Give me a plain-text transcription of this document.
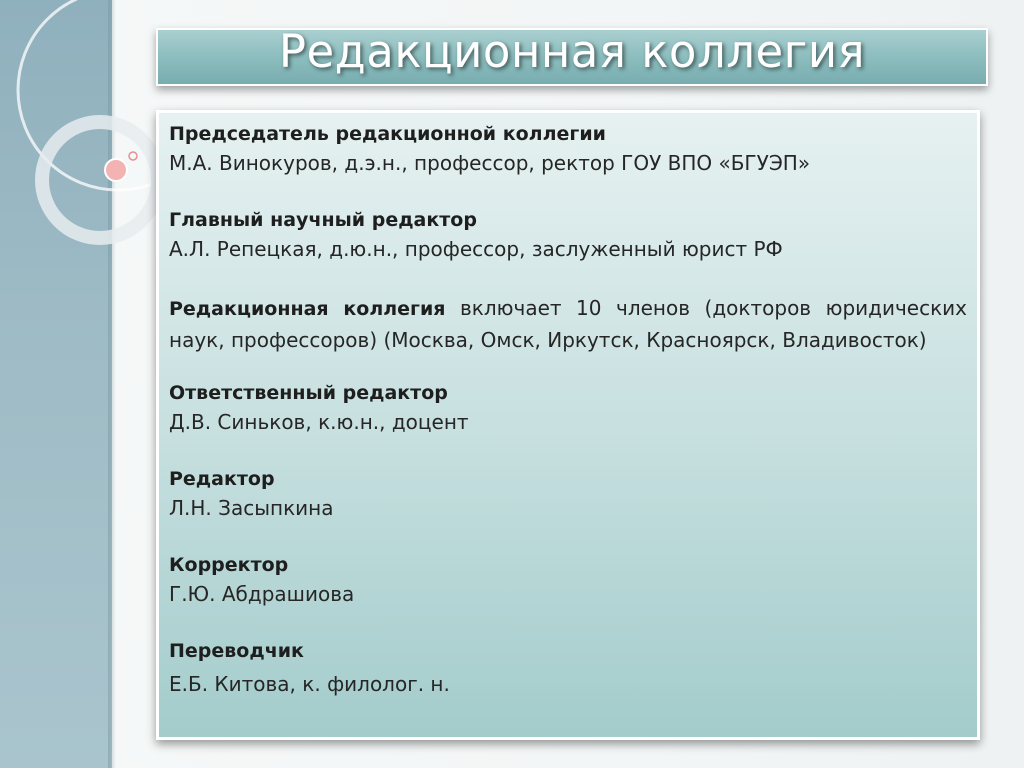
Редакционная коллегия
Председатель редакционной коллегии
М.А. Винокуров, д.э.н., профессор, ректор ГОУ ВПО «БГУЭП»
Главный научный редактор
А.Л. Репецкая, д.ю.н., профессор, заслуженный юрист РФ
Редакционная коллегия включает 10 членов (докторов юридических наук, профессоров) (Москва, Омск, Иркутск, Красноярск, Владивосток)
Ответственный редактор
Д.В. Синьков, к.ю.н., доцент
Редактор
Л.Н. Засыпкина
Корректор
Г.Ю. Абдрашиова
Переводчик
Е.Б. Китова, к. филолог. н.
